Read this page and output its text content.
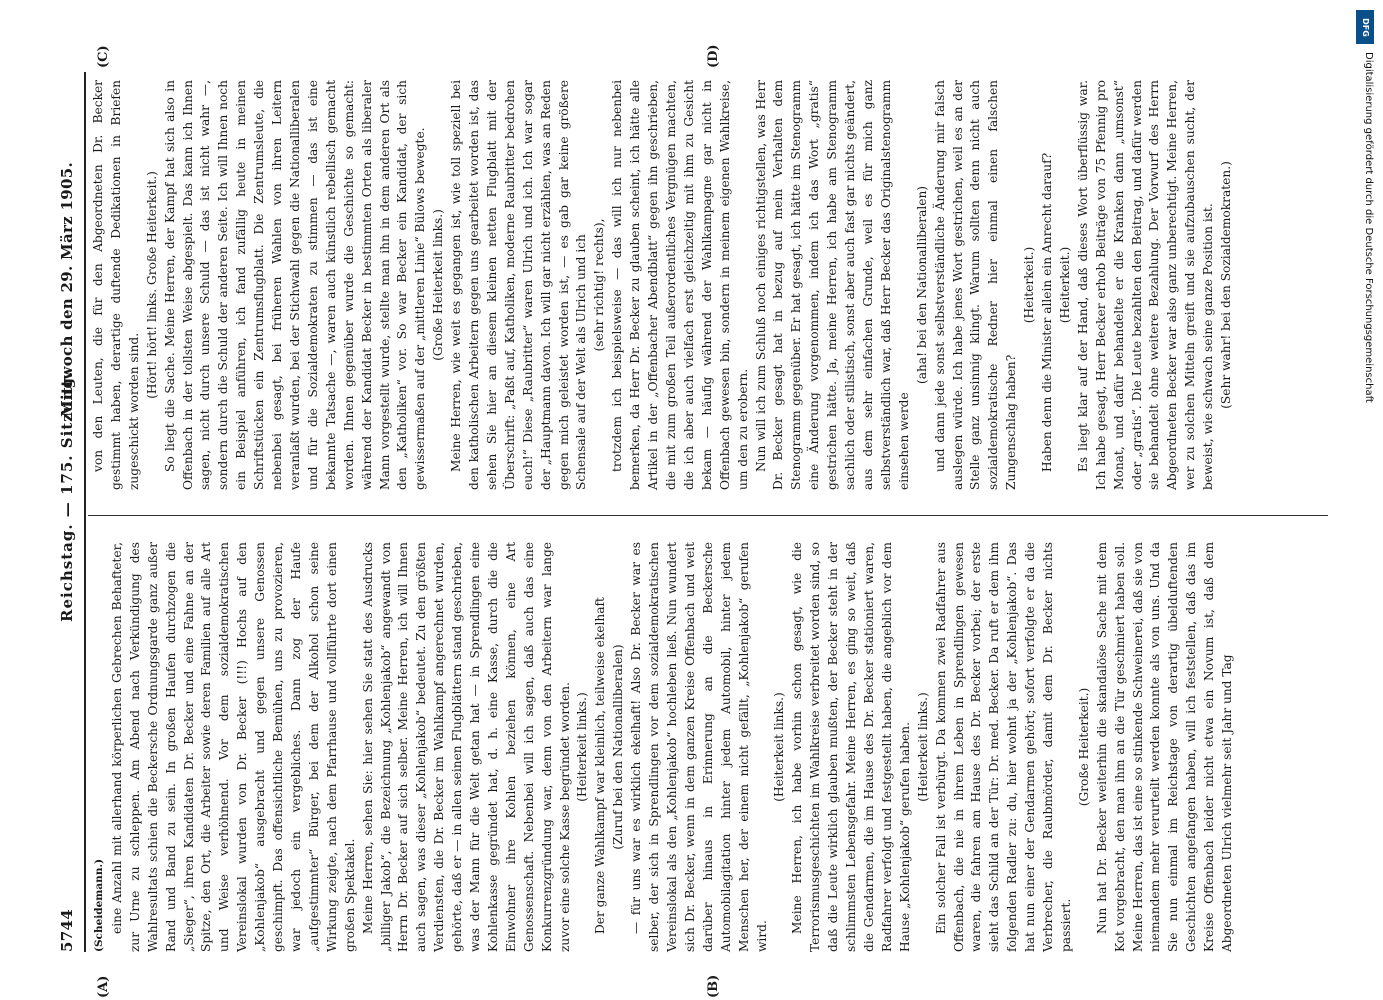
5744
Reichstag. — 175. Sitzung.
Mittwoch den 29. März 1905.
(A)	(B)
(C)	(D)

(Scheidemann.) eine Anzahl mit allerhand körperlichen Gebrechen Behafteter, zur Urne zu schleppen. Am Abend nach Verkündigung des Wahlresultats schien die Beckersche Ordnungsgarde ganz außer Rand und Band zu sein. In großen Haufen durchzogen die „Sieger“, ihren Kandidaten Dr. Becker und eine Fahne an der Spitze, den Ort, die Arbeiter sowie deren Familien auf alle Art und Weise verhöhnend. Vor dem sozialdemokratischen Vereinslokal wurden von Dr. Becker (!!!) Hochs auf den „Kohlenjakob“ ausgebracht und gegen unsere Genossen geschimpft. Das offensichtliche Bemühen, uns zu provozieren, war jedoch ein vergebliches. Dann zog der Haufe „aufgestimmter“ Bürger, bei dem der Alkohol schon seine Wirkung zeigte, nach dem Pfarrhause und vollführte dort einen großen Spektakel. Meine Herren, sehen Sie: hier sehen Sie statt des Ausdrucks „billiger Jakob“, die Bezeichnung „Kohlenjakob“ angewandt von Herrn Dr. Becker auf sich selber. Meine Herren, ich will Ihnen auch sagen, was dieser „Kohlenjakob“ bedeutet. Zu den größten Verdiensten, die Dr. Becker im Wahlkampf angerechnet wurden, gehörte, daß er — in allen seinen Flugblättern stand geschrieben, was der Mann für die Welt getan hat — in Sprendlingen eine Kohlenkasse gegründet hat, d. h. eine Kasse, durch die die Einwohner ihre Kohlen beziehen können, eine Art Genossenschaft. Nebenbei will ich sagen, daß auch das eine Konkurrenzgründung war, denn von den Arbeitern war lange zuvor eine solche Kasse begründet worden. (Heiterkeit links.) Der ganze Wahlkampf war kleinlich, teilweise ekelhaft (Zuruf bei den Nationalliberalen) — für uns war es wirklich ekelhaft! Also Dr. Becker war es selber, der sich in Sprendlingen vor dem sozialdemokratischen Vereinslokal als den „Kohlenjakob“ hochleben ließ. Nun wundert sich Dr. Becker, wenn in dem ganzen Kreise Offenbach und weit darüber hinaus in Erinnerung an die Beckersche Automobilagitation hinter jedem Automobil, hinter jedem Menschen her, der einem nicht gefällt, „Kohlenjakob“ gerufen wird.

(Heiterkeit links.) Meine Herren, ich habe vorhin schon gesagt, wie die Terrorismusgeschichten im Wahlkreise verbreitet worden sind, so daß die Leute wirklich glauben mußten, der Becker steht in der schlimmsten Lebensgefahr. Meine Herren, es ging so weit, daß die Gendarmen, die im Hause des Dr. Becker stationiert waren, Radfahrer verfolgt und festgestellt haben, die angeblich vor dem Hause „Kohlenjakob“ gerufen haben. (Heiterkeit links.) Ein solcher Fall ist verbürgt. Da kommen zwei Radfahrer aus Offenbach, die nie in ihrem Leben in Sprendlingen gewesen waren, die fahren am Hause des Dr. Becker vorbei; der erste sieht das Schild an der Tür: Dr. med. Becker. Da ruft er dem ihm folgenden Radler zu: du, hier wohnt ja der „Kohlenjakob“. Das hat nun einer der Gendarmen gehört; sofort verfolgte er da die Verbrecher, die Raubmörder, damit dem Dr. Becker nichts passiert.

(Große Heiterkeit.) Nun hat Dr. Becker weiterhin die skandalöse Sache mit dem Kot vorgebracht, den man ihm an die Tür geschmiert haben soll. Meine Herren, das ist eine so stinkende Schweinerei, daß sie von niemandem mehr verurteilt werden konnte als von uns. Und da Sie nun einmal im Reichstage von derartig übelduftenden Geschichten angefangen haben, will ich feststellen, daß das im Kreise Offenbach leider nicht etwa ein Novum ist, daß dem Abgeordneten Ulrich vielmehr seit Jahr und Tag

von den Leuten, die für den Abgeordneten Dr. Becker gestimmt haben, derartige duftende Dedikationen in Briefen zugeschickt worden sind.

(Hört! hört! links. Große Heiterkeit.) So liegt die Sache. Meine Herren, der Kampf hat sich also in Offenbach in der tollsten Weise abgespielt. Das kann ich Ihnen sagen, nicht durch unsere Schuld — das ist nicht wahr —, sondern durch die Schuld der anderen Seite. Ich will Ihnen noch ein Beispiel anführen, ich fand zufällig heute in meinen Schriftstücken ein Zentrumsflugblatt. Die Zentrumsleute, die nebenbei gesagt, bei früheren Wahlen von ihren Leitern veranlaßt wurden, bei der Stichwahl gegen die Nationalliberalen und für die Sozialdemokraten zu stimmen — das ist eine bekannte Tatsache —, waren auch künstlich rebellisch gemacht worden. Ihnen gegenüber wurde die Geschichte so gemacht: während der Kandidat Becker in bestimmten Orten als liberaler Mann vorgestellt wurde, stellte man ihn in dem anderen Ort als den „Katholiken“ vor. So war Becker ein Kandidat, der sich gewissermaßen auf der „mittleren Linie“ Bülows bewegte. (Große Heiterkeit links.) Meine Herren, wie weit es gegangen ist, wie toll speziell bei den katholischen Arbeitern gegen uns gearbeitet worden ist, das sehen Sie hier an diesem kleinen netten Flugblatt mit der Überschrift: „Paßt auf, Katholiken, moderne Raubritter bedrohen euch!“ Diese „Raubritter“ waren Ulrich und ich. Ich war sogar der „Hauptmann davon. Ich will gar nicht erzählen, was an Reden gegen mich geleistet worden ist, — es gab gar keine größere Schensale auf der Welt als Ulrich und ich (sehr richtig! rechts), trotzdem ich beispielsweise — das will ich nur nebenbei bemerken, da Herr Dr. Becker zu glauben scheint, ich hätte alle Artikel in der „Offenbacher Abendblatt“ gegen ihn geschrieben, die mit zum großen Teil außerordentliches Vergnügen machten, die ich aber auch vielfach erst gleichzeitig mit ihm zu Gesicht bekam — häufig während der Wahlkampagne gar nicht in Offenbach gewesen bin, sondern in meinem eigenen Wahlkreise, um den zu erobern. Nun will ich zum Schluß noch einiges richtigstellen, was Herr Dr. Becker gesagt hat in bezug auf mein Verhalten dem Stenogramm gegenüber. Er hat gesagt, ich hätte im Stenogramm eine Änderung vorgenommen, indem ich das Wort „gratis“ gestrichen hätte. Ja, meine Herren, ich habe am Stenogramm sachlich oder stilistisch, sonst aber auch fast gar nichts geändert, aus dem sehr einfachen Grunde, weil es für mich ganz selbstverständlich war, daß Herr Becker das Originalstenogramm einsehen werde

(aha! bei den Nationalliberalen) und dann jede sonst selbstverständliche Änderung mir falsch auslegen würde. Ich habe jenes Wort gestrichen, weil es an der Stelle ganz unsinnig klingt. Warum sollten denn nicht auch sozialdemokratische Redner hier einmal einen falschen Zungenschlag haben?

(Heiterkeit.) Haben denn die Minister allein ein Anrecht darauf? (Heiterkeit.) Es liegt klar auf der Hand, daß dieses Wort überflüssig war. Ich habe gesagt, Herr Becker erhob Beiträge von 75 Pfennig pro Monat, und dafür behandelte er die Kranken dann „umsonst“ oder „gratis“. Die Leute bezahlten den Beitrag, und dafür werden sie behandelt ohne weitere Bezahlung. Der Vorwurf des Herrn Abgeordneten Becker war also ganz unberechtigt. Meine Herren, wer zu solchen Mitteln greift und sie aufzubauschen sucht, der beweist, wie schwach seine ganze Position ist. (Sehr wahr! bei den Sozialdemokraten.)

DFG
Digitalisierung gefördert durch die Deutsche Forschungsgemeinschaft
